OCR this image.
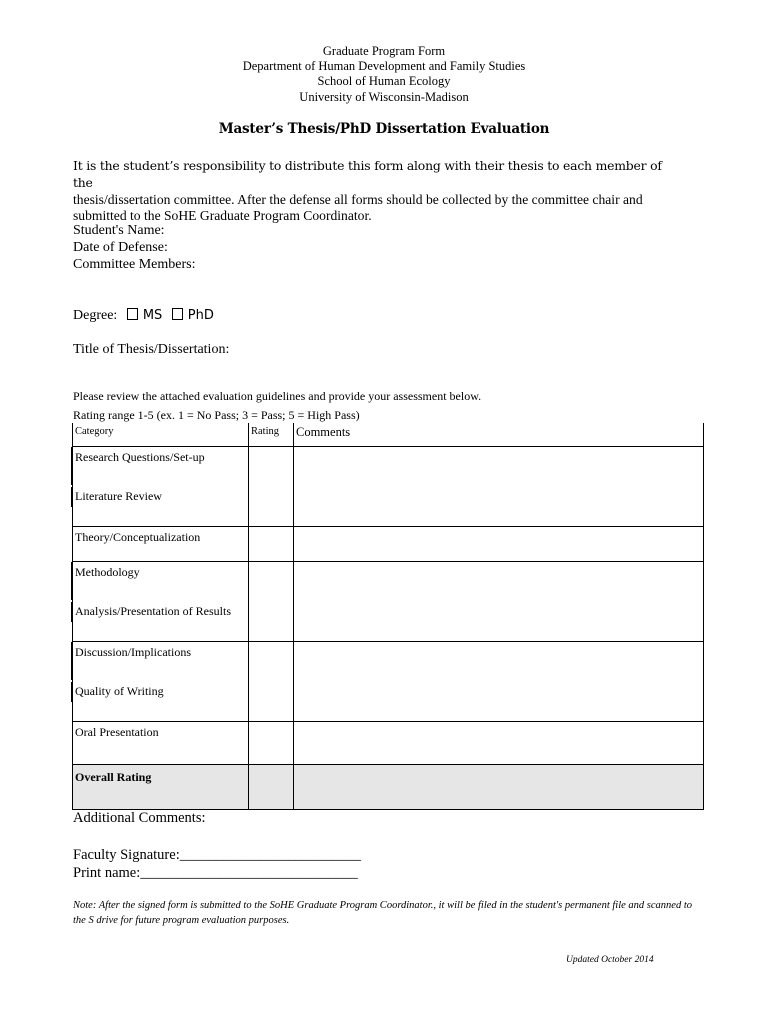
Graduate Program Form
Department of Human Development and Family Studies
School of Human Ecology
University of Wisconsin-Madison
Master’s Thesis/PhD Dissertation Evaluation
It is the student’s responsibility to distribute this form along with their thesis to each member of the
thesis/dissertation committee. After the defense all forms should be collected by the committee chair and
submitted to the SoHE Graduate Program Coordinator.
Student's Name:
Date of Defense:
Committee Members:
Degree: MS PhD
Title of Thesis/Dissertation:
Please review the attached evaluation guidelines and provide your assessment below.
Rating range 1-5 (ex. 1 = No Pass; 3 = Pass; 5 = High Pass)
Category	Rating	Comments

Research Questions/Set-up
Literature Review		

Theory/Conceptualization		

Methodology
Analysis/Presentation of Results		

Discussion/Implications
Quality of Writing		

Oral Presentation		
Overall Rating		
Additional Comments:
Faculty Signature:_________________________
Print name:______________________________
Note: After the signed form is submitted to the SoHE Graduate Program Coordinator., it will be filed in the student's permanent file and scanned to the S drive for future program evaluation purposes.
Updated October 2014
